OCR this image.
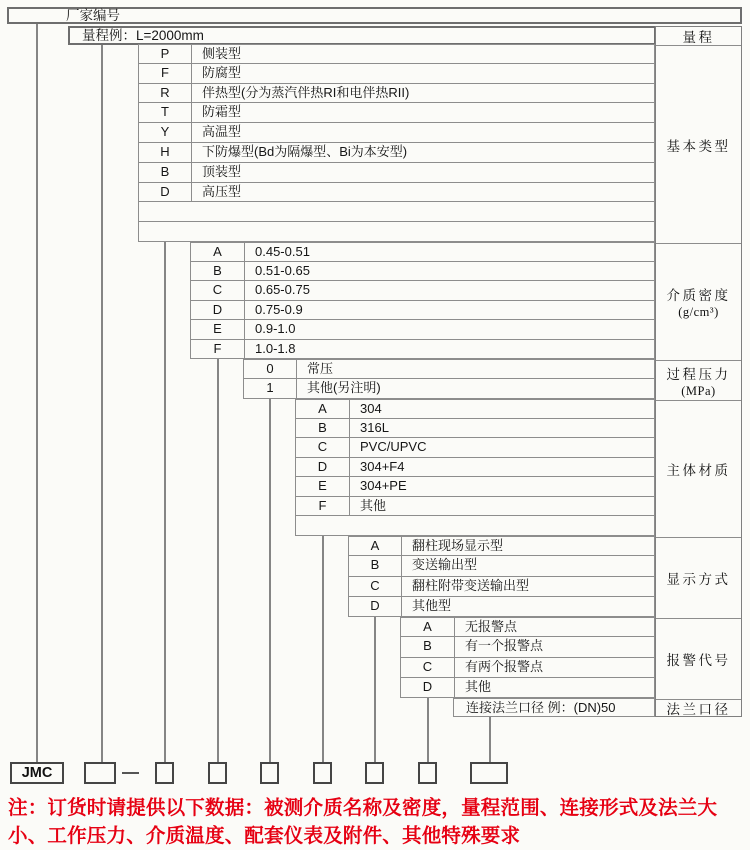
厂家编号
量程例：L=2000mm
P	侧装型
F	防腐型
R	伴热型(分为蒸汽伴热RI和电伴热RII)
T	防霜型
Y	高温型
H	下防爆型(Bd为隔爆型、Bi为本安型)
B	顶装型
D	高压型
A	0.45-0.51
B	0.51-0.65
C	0.65-0.75
D	0.75-0.9
E	0.9-1.0
F	1.0-1.8
0	常压
1	其他(另注明)
A	304
B	316L
C	PVC/UPVC
D	304+F4
E	304+PE
F	其他
A	翻柱现场显示型
B	变送输出型
C	翻柱附带变送输出型
D	其他型
A	无报警点
B	有一个报警点
C	有两个报警点
D	其他
连接法兰口径 例：(DN)50
量程
基本类型
介质密度
(g/cm³)
过程压力
(MPa)
主体材质
显示方式
报警代号
法兰口径
JMC
注：订货时请提供以下数据：被测介质名称及密度，量程范围、连接形式及法兰大小、工作压力、介质温度、配套仪表及附件、其他特殊要求
